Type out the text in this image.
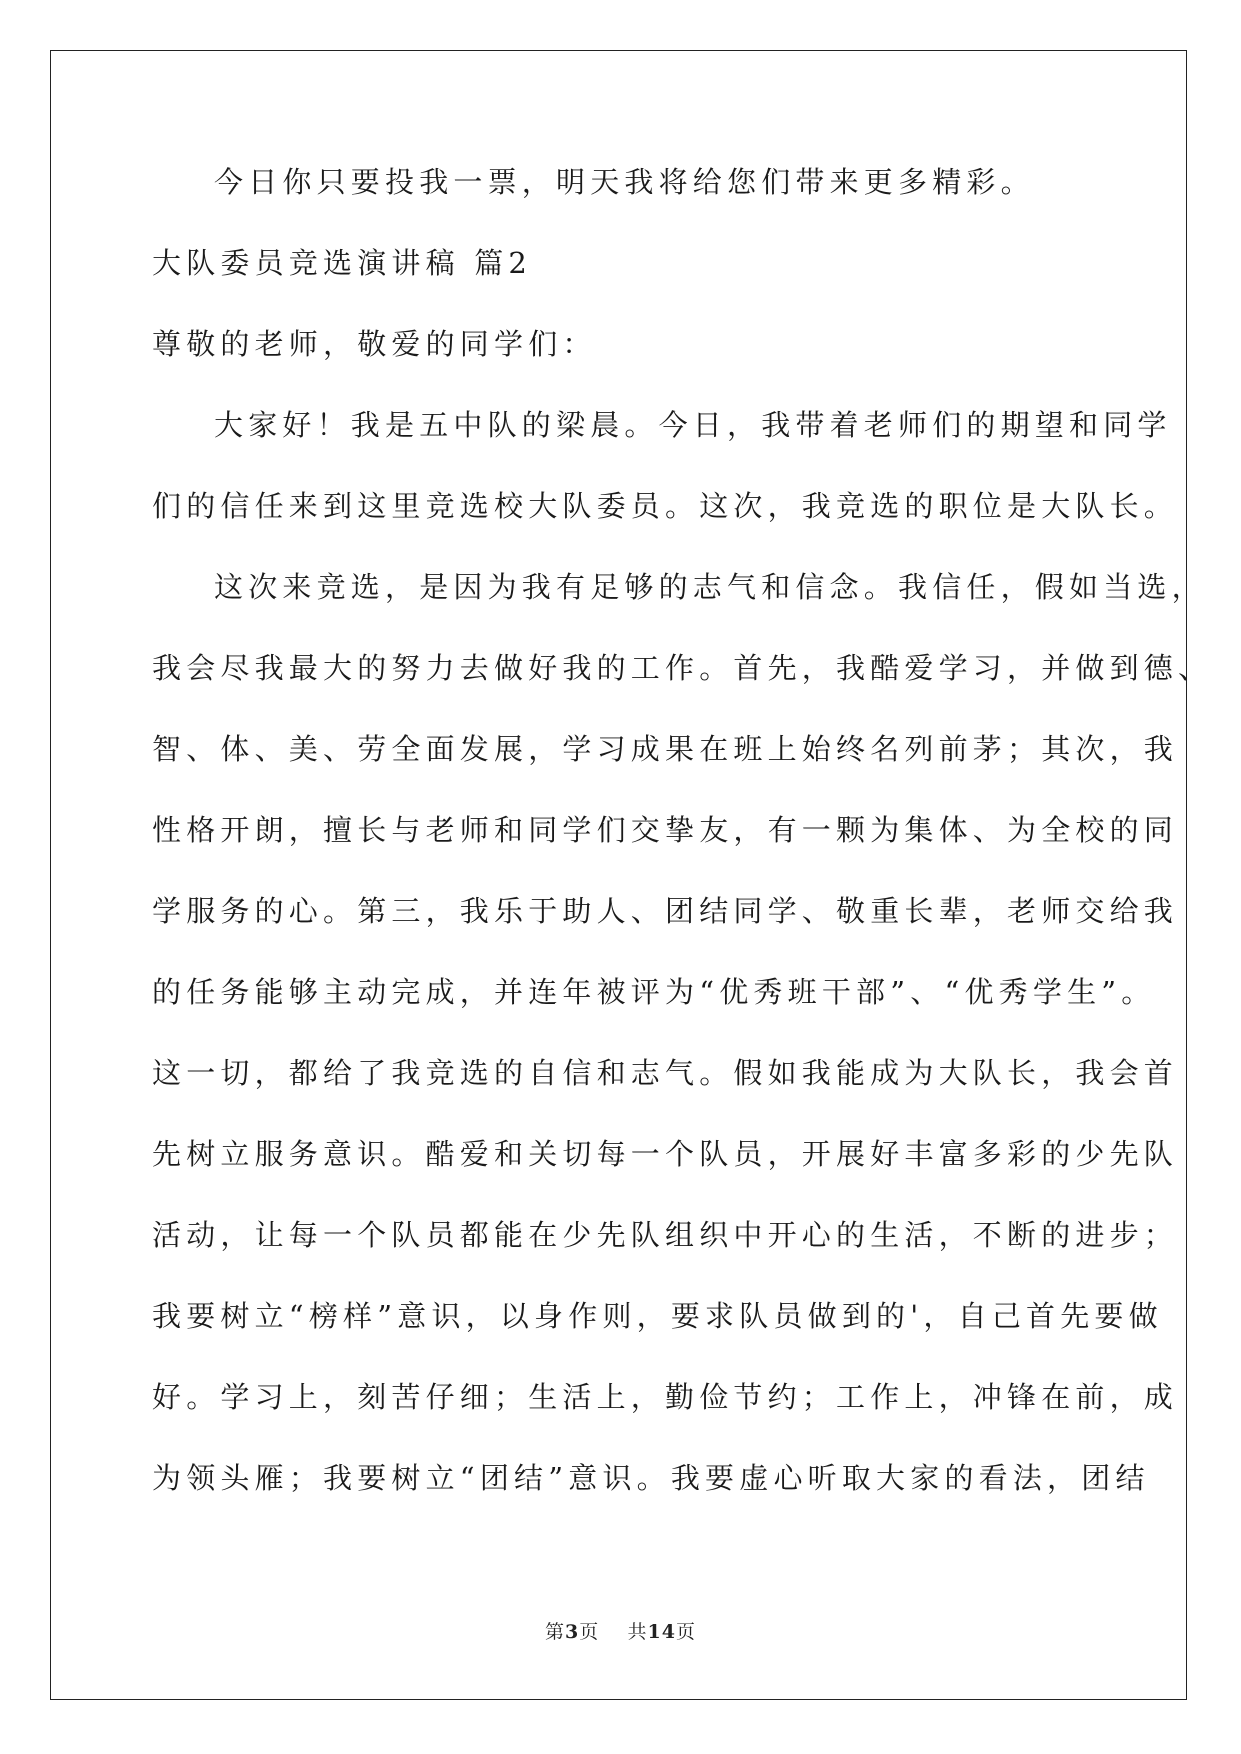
今日你只要投我一票，明天我将给您们带来更多精彩。
大队委员竞选演讲稿 篇2
尊敬的老师，敬爱的同学们：
大家好！我是五中队的梁晨。今日，我带着老师们的期望和同学
们的信任来到这里竞选校大队委员。这次，我竞选的职位是大队长。
这次来竞选，是因为我有足够的志气和信念。我信任，假如当选，
我会尽我最大的努力去做好我的工作。首先，我酷爱学习，并做到德、
智、体、美、劳全面发展，学习成果在班上始终名列前茅；其次，我
性格开朗，擅长与老师和同学们交挚友，有一颗为集体、为全校的同
学服务的心。第三，我乐于助人、团结同学、敬重长辈，老师交给我
的任务能够主动完成，并连年被评为“优秀班干部”、“优秀学生”。
这一切，都给了我竞选的自信和志气。假如我能成为大队长，我会首
先树立服务意识。酷爱和关切每一个队员，开展好丰富多彩的少先队
活动，让每一个队员都能在少先队组织中开心的生活，不断的进步；
我要树立“榜样”意识，以身作则，要求队员做到的'，自己首先要做
好。学习上，刻苦仔细；生活上，勤俭节约；工作上，冲锋在前，成
为领头雁；我要树立“团结”意识。我要虚心听取大家的看法，团结
第3页 共14页
